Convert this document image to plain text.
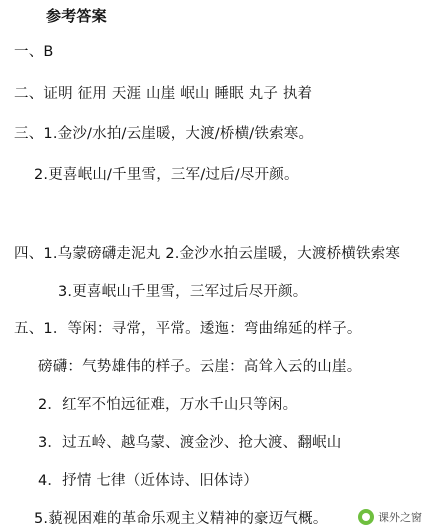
参考答案
一、B
二、证明 征用 天涯 山崖 岷山 睡眠 丸子 执着
三、1.金沙/水拍/云崖暖，大渡/桥横/铁索寒。
2.更喜岷山/千里雪，三军/过后/尽开颜。
四、1.乌蒙磅礴走泥丸 2.金沙水拍云崖暖，大渡桥横铁索寒
3.更喜岷山千里雪，三军过后尽开颜。
五、1．等闲：寻常，平常。逶迤：弯曲绵延的样子。
磅礴：气势雄伟的样子。云崖：高耸入云的山崖。
2．红军不怕远征难，万水千山只等闲。
3．过五岭、越乌蒙、渡金沙、抢大渡、翻岷山
4．抒情 七律（近体诗、旧体诗）
5.藐视困难的革命乐观主义精神的豪迈气概。	课外之窗
